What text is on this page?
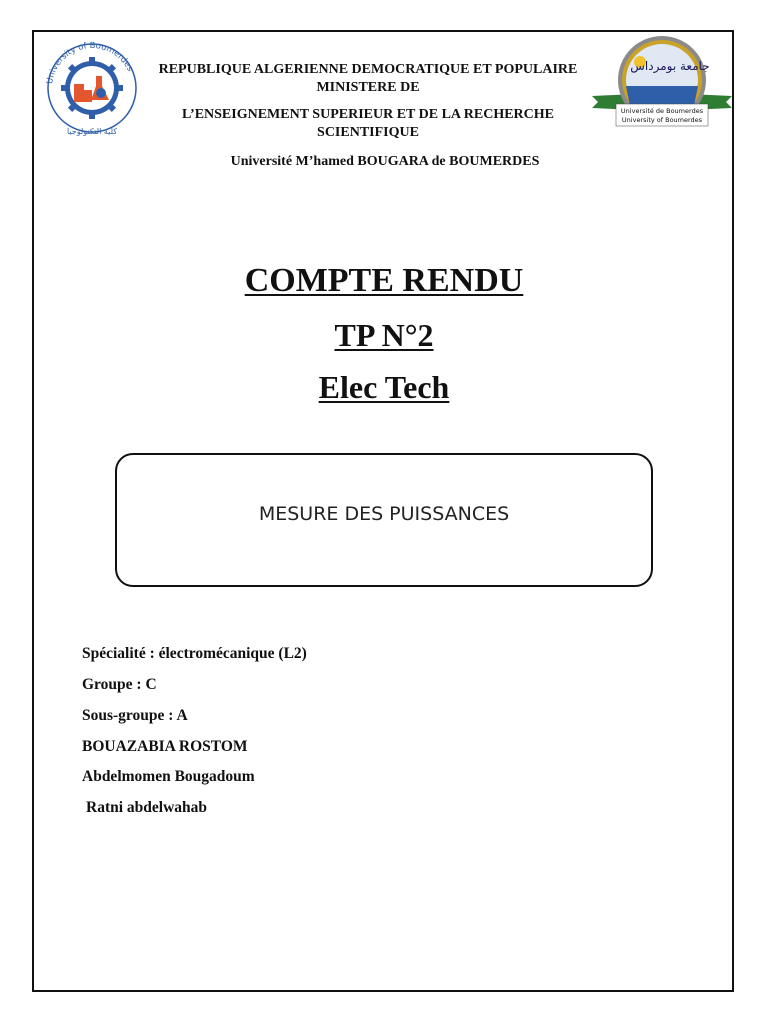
University of Boumerdes
كلية التكنولوجيا
جامعة بومرداس
Université de Boumerdes
University of Boumerdes
REPUBLIQUE ALGERIENNE DEMOCRATIQUE ET POPULAIRE MINISTERE DE
L’ENSEIGNEMENT SUPERIEUR ET DE LA RECHERCHE SCIENTIFIQUE
Université M’hamed BOUGARA de BOUMERDES
COMPTE RENDU
TP N°2
Elec Tech
MESURE DES PUISSANCES
Spécialité : électromécanique (L2)
Groupe : C
Sous-groupe : A
BOUAZABIA ROSTOM
Abdelmomen Bougadoum
Ratni abdelwahab
